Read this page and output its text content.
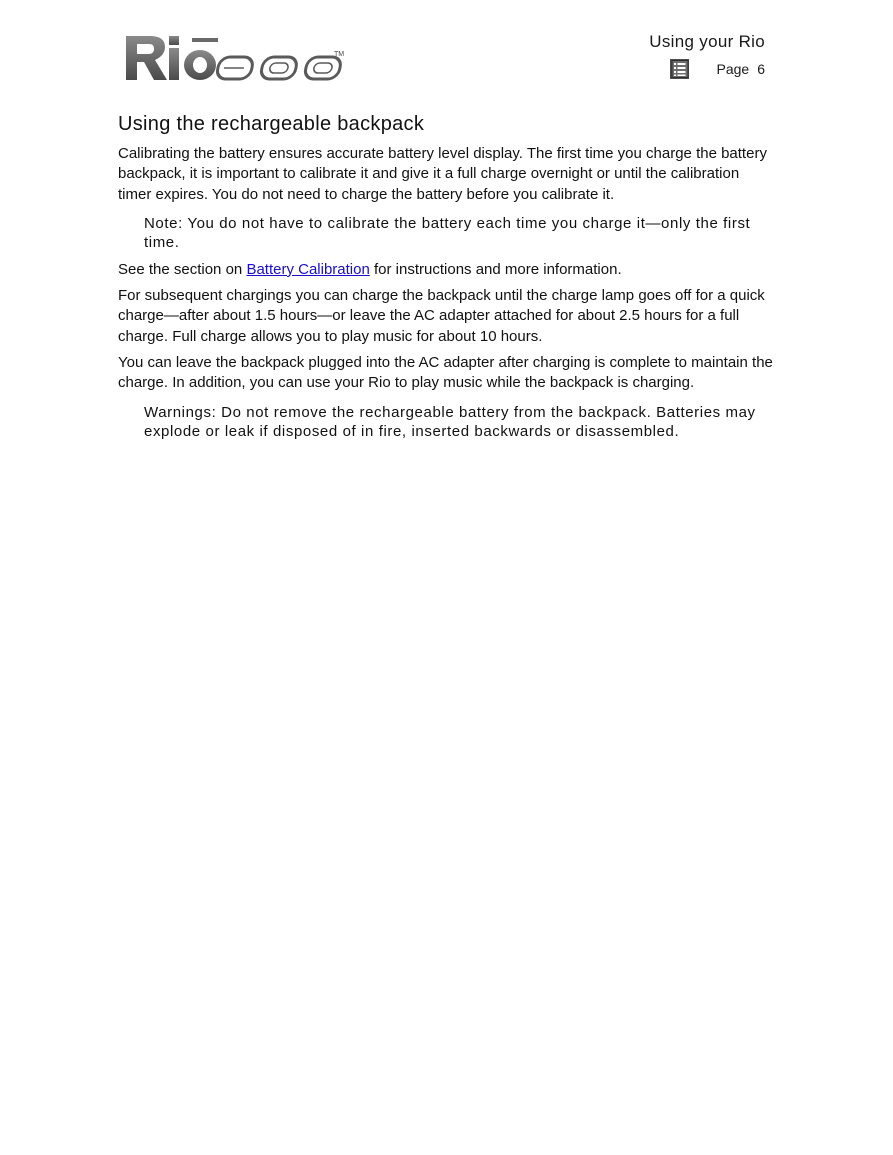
TM
Using your Rio
Page 6
Using the rechargeable backpack

Calibrating the battery ensures accurate battery level display. The first time you charge the battery backpack, it is important to calibrate it and give it a full charge overnight or until the calibration timer expires. You do not need to charge the battery before you calibrate it.

Note: You do not have to calibrate the battery each time you charge it—only the first time.

See the section on Battery Calibration for instructions and more information.

For subsequent chargings you can charge the backpack until the charge lamp goes off for a quick charge—after about 1.5 hours—or leave the AC adapter attached for about 2.5 hours for a full charge. Full charge allows you to play music for about 10 hours.

You can leave the backpack plugged into the AC adapter after charging is complete to maintain the charge. In addition, you can use your Rio to play music while the backpack is charging.

Warnings: Do not remove the rechargeable battery from the backpack. Batteries may explode or leak if disposed of in fire, inserted backwards or disassembled.
